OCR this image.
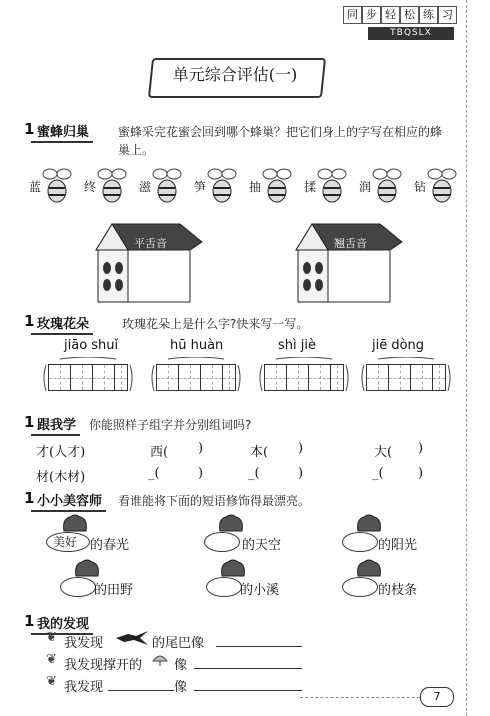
同 步 轻 松 练 习
TBQSLX
单元综合评估(一)
1 蜜蜂归巢	蜜蜂采完花蜜会回到哪个蜂巢？把它们身上的字写在相应的蜂
巢上。
蓝	终	滋	笋	抽	揉	润	钻
平舌音	翘舌音
1 玫瑰花朵	玫瑰花朵上是什么字?快来写一写。
jiāo shuǐ	hū huàn	shì jiè	jiē dòng
1 跟我学	你能照样子组字并分别组词吗?
才(人才)	西( )	本( )	大( )
材(木材)	_(	)	_(	)	_(	)
1 小小美容师	看谁能将下面的短语修饰得最漂亮。
美好 的春光	的天空	的阳光
的田野	的小溪	的枝条
1 我的发现
❦ 我发现	的尾巴像
❦ 我发现撑开的 像
❦ 我发现	像
7
